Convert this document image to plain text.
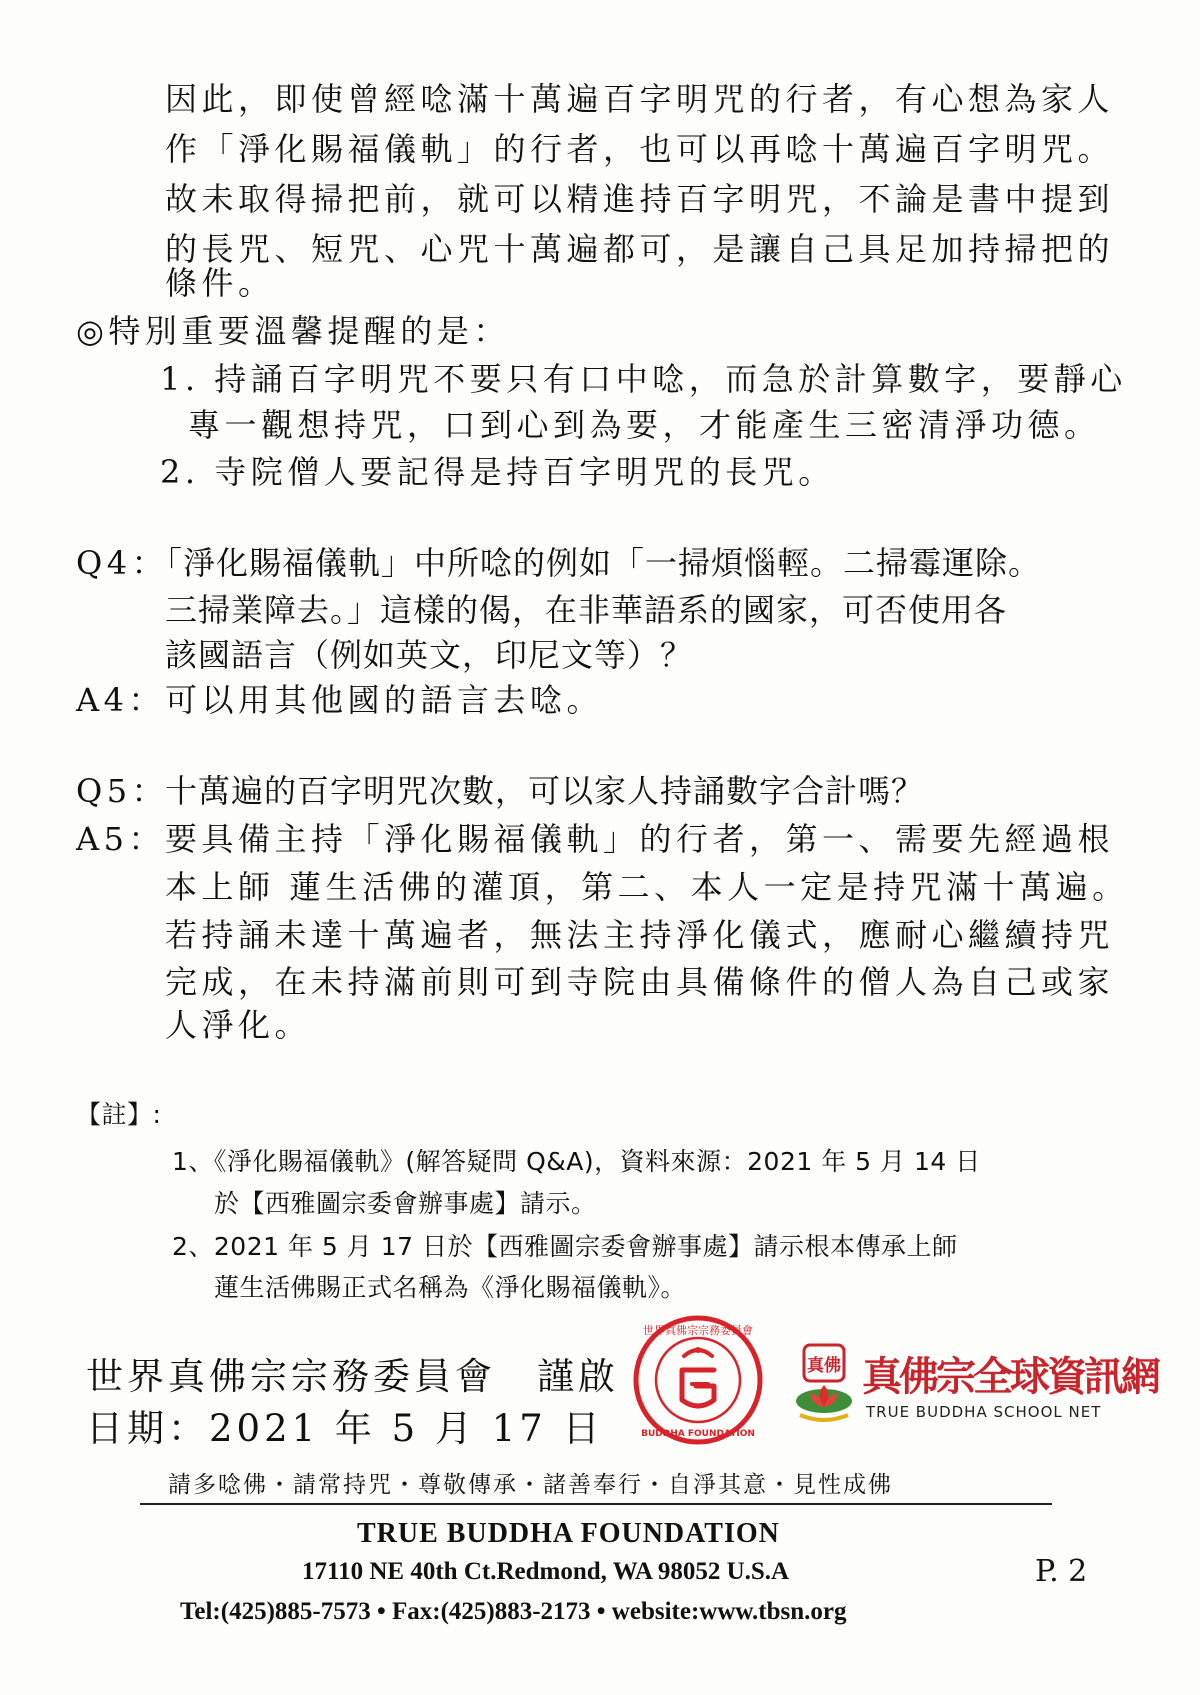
因此，即使曾經唸滿十萬遍百字明咒的行者，有心想為家人
作「淨化賜福儀軌」的行者，也可以再唸十萬遍百字明咒。
故未取得掃把前，就可以精進持百字明咒，不論是書中提到
的長咒、短咒、心咒十萬遍都可，是讓自己具足加持掃把的
條件。
◎特別重要溫馨提醒的是：
1. 持誦百字明咒不要只有口中唸，而急於計算數字，要靜心
專一觀想持咒，口到心到為要，才能產生三密清淨功德。
2. 寺院僧人要記得是持百字明咒的長咒。
Q4：
「淨化賜福儀軌」中所唸的例如「一掃煩惱輕。二掃霉運除。
三掃業障去。」這樣的偈，在非華語系的國家，可否使用各
該國語言（例如英文，印尼文等）？
A4： 可以用其他國的語言去唸。
Q5：
十萬遍的百字明咒次數，可以家人持誦數字合計嗎？
A5： 要具備主持「淨化賜福儀軌」的行者，第一、需要先經過根
本上師 蓮生活佛的灌頂，第二、本人一定是持咒滿十萬遍。
若持誦未達十萬遍者，無法主持淨化儀式，應耐心繼續持咒
完成，在未持滿前則可到寺院由具備條件的僧人為自己或家
人淨化。
【註】:
1、《淨化賜福儀軌》(解答疑問 Q&A)，資料來源：2021 年 5 月 14 日
於【西雅圖宗委會辦事處】請示。
2、2021 年 5 月 17 日於【西雅圖宗委會辦事處】請示根本傳承上師
蓮生活佛賜正式名稱為《淨化賜福儀軌》。
世界真佛宗宗務委員會　謹啟
日期：2021 年 5 月 17 日
世界真佛宗宗務委員會
BUDDHA FOUNDATION
真佛 真佛宗全球資訊網
TRUE BUDDHA SCHOOL NET
請多唸佛・請常持咒・尊敬傳承・諸善奉行・自淨其意・見性成佛
TRUE BUDDHA FOUNDATION
17110 NE 40th Ct.Redmond, WA 98052 U.S.A
Tel:(425)885-7573 • Fax:(425)883-2173 • website:www.tbsn.org
P. 2
